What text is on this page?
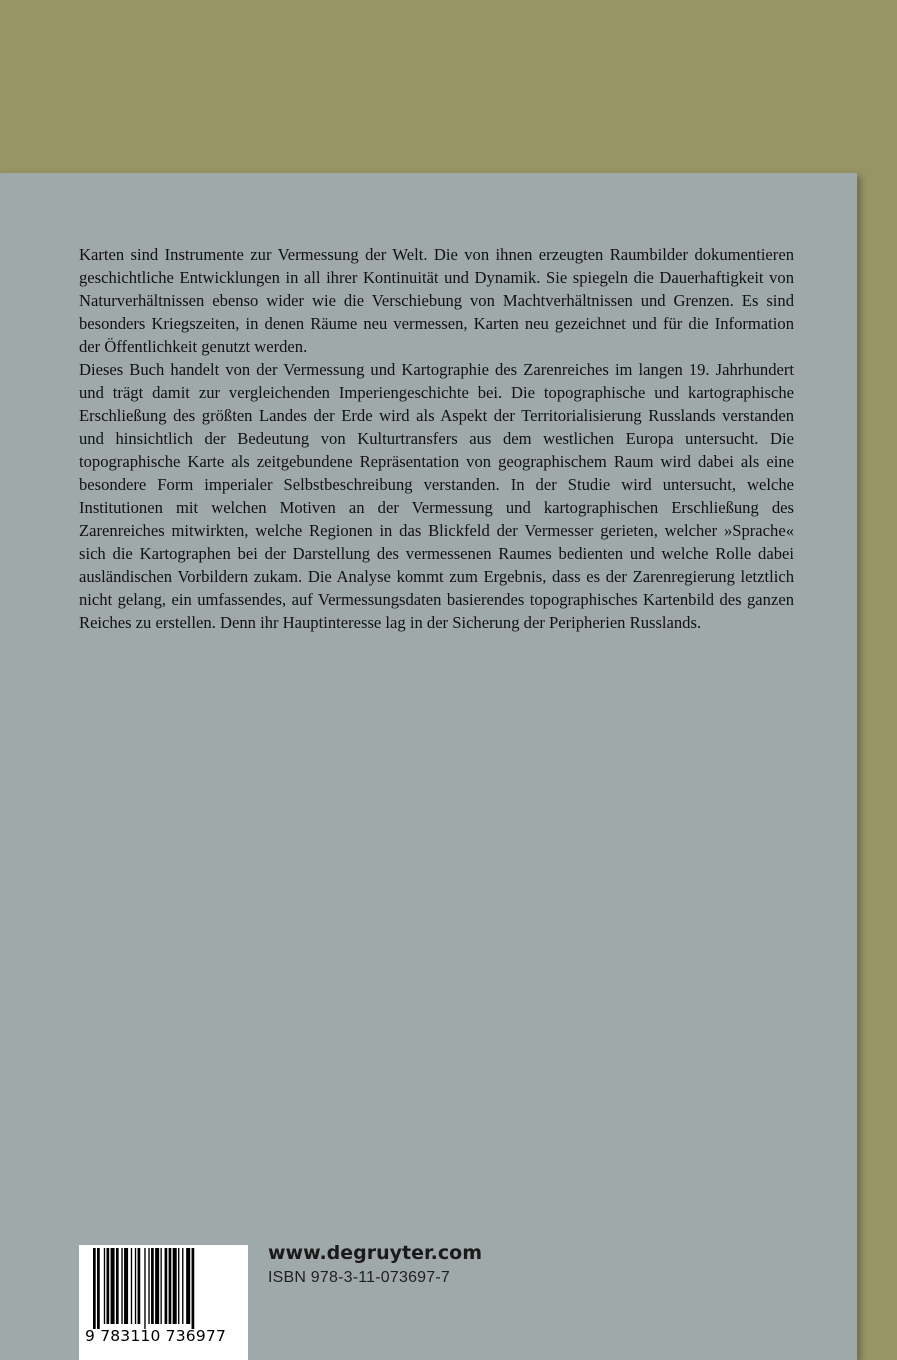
Karten sind Instrumente zur Vermessung der Welt. Die von ihnen erzeugten Raumbilder dokumentieren geschichtliche Entwicklungen in all ihrer Kontinuität und Dynamik. Sie spiegeln die Dauerhaftigkeit von Naturverhältnissen ebenso wider wie die Verschiebung von Machtverhältnissen und Grenzen. Es sind besonders Kriegszeiten, in denen Räume neu vermessen, Karten neu gezeichnet und für die Information der Öffentlichkeit genutzt werden.

Dieses Buch handelt von der Vermessung und Kartographie des Zarenreiches im langen 19. Jahrhundert und trägt damit zur vergleichenden Imperiengeschichte bei. Die topographische und kartographische Erschließung des größten Landes der Erde wird als Aspekt der Territorialisierung Russlands verstanden und hinsichtlich der Bedeutung von Kulturtransfers aus dem westlichen Europa untersucht. Die topographische Karte als zeitgebundene Repräsentation von geographischem Raum wird dabei als eine besondere Form imperialer Selbstbeschreibung verstanden. In der Studie wird untersucht, welche Institutionen mit welchen Motiven an der Vermessung und kartographischen Erschließung des Zarenreiches mitwirkten, welche Regionen in das Blickfeld der Vermesser gerieten, welcher »Sprache« sich die Kartographen bei der Darstellung des vermessenen Raumes bedienten und welche Rolle dabei ausländischen Vorbildern zukam. Die Analyse kommt zum Ergebnis, dass es der Zarenregierung letztlich nicht gelang, ein umfassendes, auf Vermessungsdaten basierendes topographisches Kartenbild des ganzen Reiches zu erstellen. Denn ihr Hauptinteresse lag in der Sicherung der Peripherien Russlands.

9 783110 736977
www.degruyter.com
ISBN 978-3-11-073697-7
